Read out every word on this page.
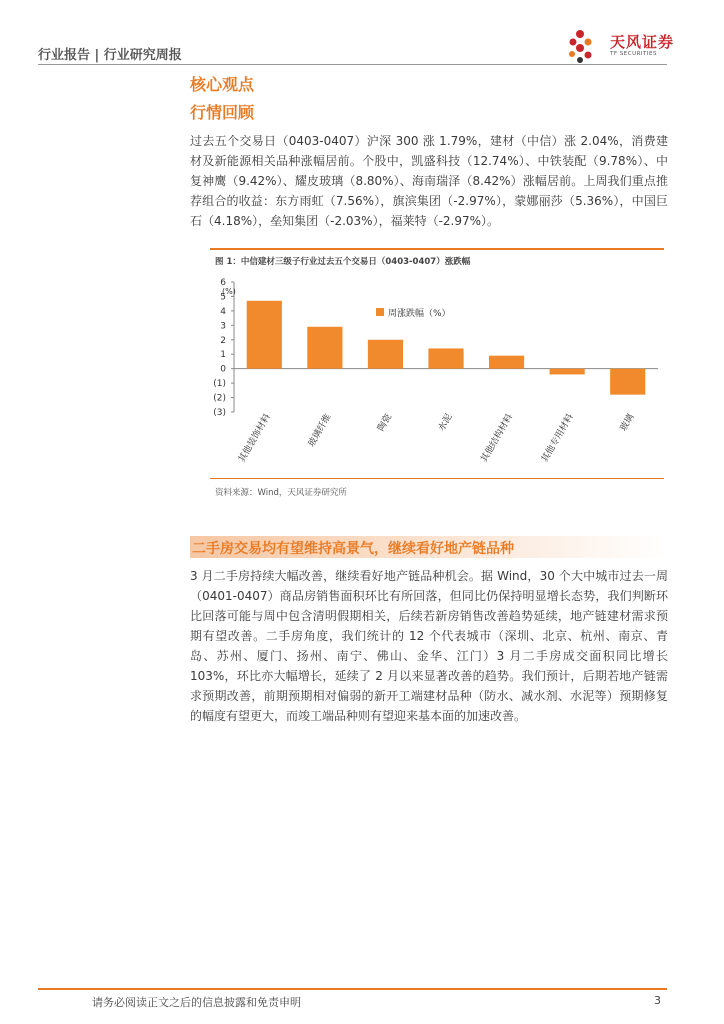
行业报告 | 行业研究周报
天风证券
TF SECURITIES
核心观点
行情回顾
过去五个交易日（0403-0407）沪深 300 涨 1.79%，建材（中信）涨 2.04%，消费建材及新能源相关品种涨幅居前。个股中，凯盛科技（12.74%）、中铁装配（9.78%）、中复神鹰（9.42%）、耀皮玻璃（8.80%）、海南瑞泽（8.42%）涨幅居前。上周我们重点推荐组合的收益：东方雨虹（7.56%），旗滨集团（-2.97%），蒙娜丽莎（5.36%），中国巨石（4.18%），垒知集团（-2.03%），福莱特（-2.97%）。
图 1：中信建材三级子行业过去五个交易日（0403-0407）涨跌幅
6
5
4
3
2
1
0
(1)
(2)
(3)
(%)
其他装饰材料	玻璃纤维	陶瓷	水泥	其他结构材料	其他专用材料	玻璃
周涨跌幅（%）
资料来源：Wind，天风证券研究所
二手房交易均有望维持高景气，继续看好地产链品种
3 月二手房持续大幅改善，继续看好地产链品种机会。据 Wind，30 个大中城市过去一周（0401-0407）商品房销售面积环比有所回落，但同比仍保持明显增长态势，我们判断环比回落可能与周中包含清明假期相关，后续若新房销售改善趋势延续，地产链建材需求预期有望改善。二手房角度，我们统计的 12 个代表城市（深圳、北京、杭州、南京、青岛、苏州、厦门、扬州、南宁、佛山、金华、江门）3 月二手房成交面积同比增长 103%，环比亦大幅增长，延续了 2 月以来显著改善的趋势。我们预计，后期若地产链需求预期改善，前期预期相对偏弱的新开工端建材品种（防水、减水剂、水泥等）预期修复的幅度有望更大，而竣工端品种则有望迎来基本面的加速改善。
请务必阅读正文之后的信息披露和免责申明	3
